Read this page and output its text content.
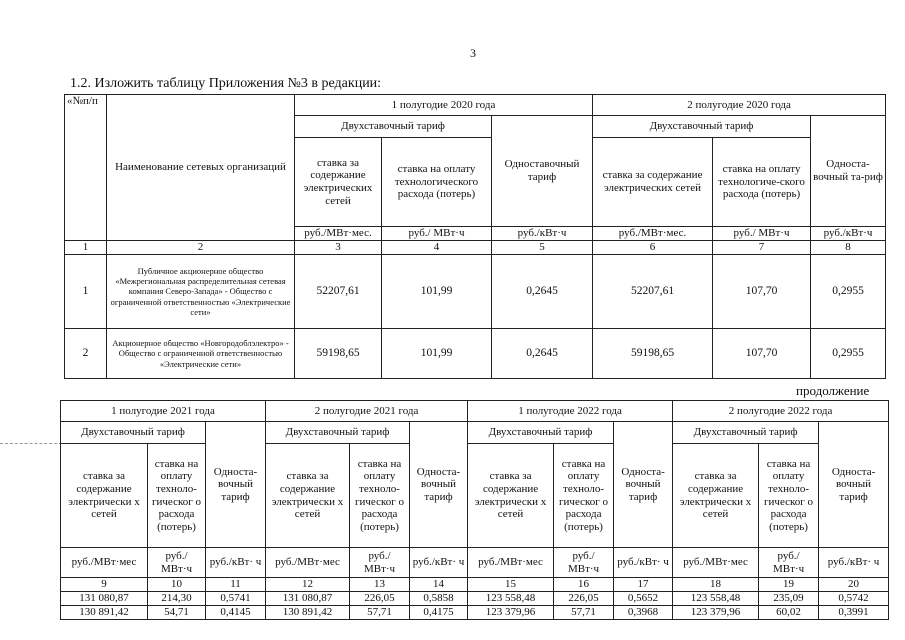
3
1.2. Изложить таблицу Приложения №3 в редакции:
«№п/п	Наименование сетевых организаций	1 полугодие 2020 года			2 полугодие 2020 года		
		Двухставочный тариф		Одноставочный тариф	Двухставочный тариф		Односта-вочный та-риф
		ставка за содержание электрических сетей	ставка на оплату технологического расхода (потерь)		ставка за содержание электрических сетей	ставка на оплату технологиче-ского расхода (потерь)	
		руб./МВт·мес.	руб./ МВт·ч	руб./кВт·ч	руб./МВт·мес.	руб./ МВт·ч	руб./кВт·ч
1	2	3	4	5	6	7	8
1	Публичное акционерное общество «Межрегиональная распределительная сетевая компания Северо-Запада» - Общество с ограниченной ответственностью «Электрические сети»	52207,61	101,99	0,2645	52207,61	107,70	0,2955
2	Акционерное общество «Новгородоблэлектро» - Общество с ограниченной ответственностью «Электрические сети»	59198,65	101,99	0,2645	59198,65	107,70	0,2955
продолжение
1 полугодие 2021 года			2 полугодие 2021 года			1 полугодие 2022 года			2 полугодие 2022 года		
Двухставочный тариф		Односта-вочный тариф	Двухставочный тариф		Односта-вочный тариф	Двухставочный тариф		Односта-вочный тариф	Двухставочный тариф		Односта-вочный тариф
ставка за содержание электрически х сетей	ставка на оплату техноло-гическог о расхода (потерь)		ставка за содержание электрически х сетей	ставка на оплату техноло-гическог о расхода (потерь)		ставка за содержание электрически х сетей	ставка на оплату техноло-гическог о расхода (потерь)		ставка за содержание электрически х сетей	ставка на оплату техноло-гическог о расхода (потерь)	
руб./МВт·мес	руб./ МВт·ч	руб./кВт· ч	руб./МВт·мес	руб./ МВт·ч	руб./кВт· ч	руб./МВт·мес	руб./ МВт·ч	руб./кВт· ч	руб./МВт·мес	руб./ МВт·ч	руб./кВт· ч
9	10	11	12	13	14	15	16	17	18	19	20
131 080,87	214,30	0,5741	131 080,87	226,05	0,5858	123 558,48	226,05	0,5652	123 558,48	235,09	0,5742
130 891,42	54,71	0,4145	130 891,42	57,71	0,4175	123 379,96	57,71	0,3968	123 379,96	60,02	0,3991
